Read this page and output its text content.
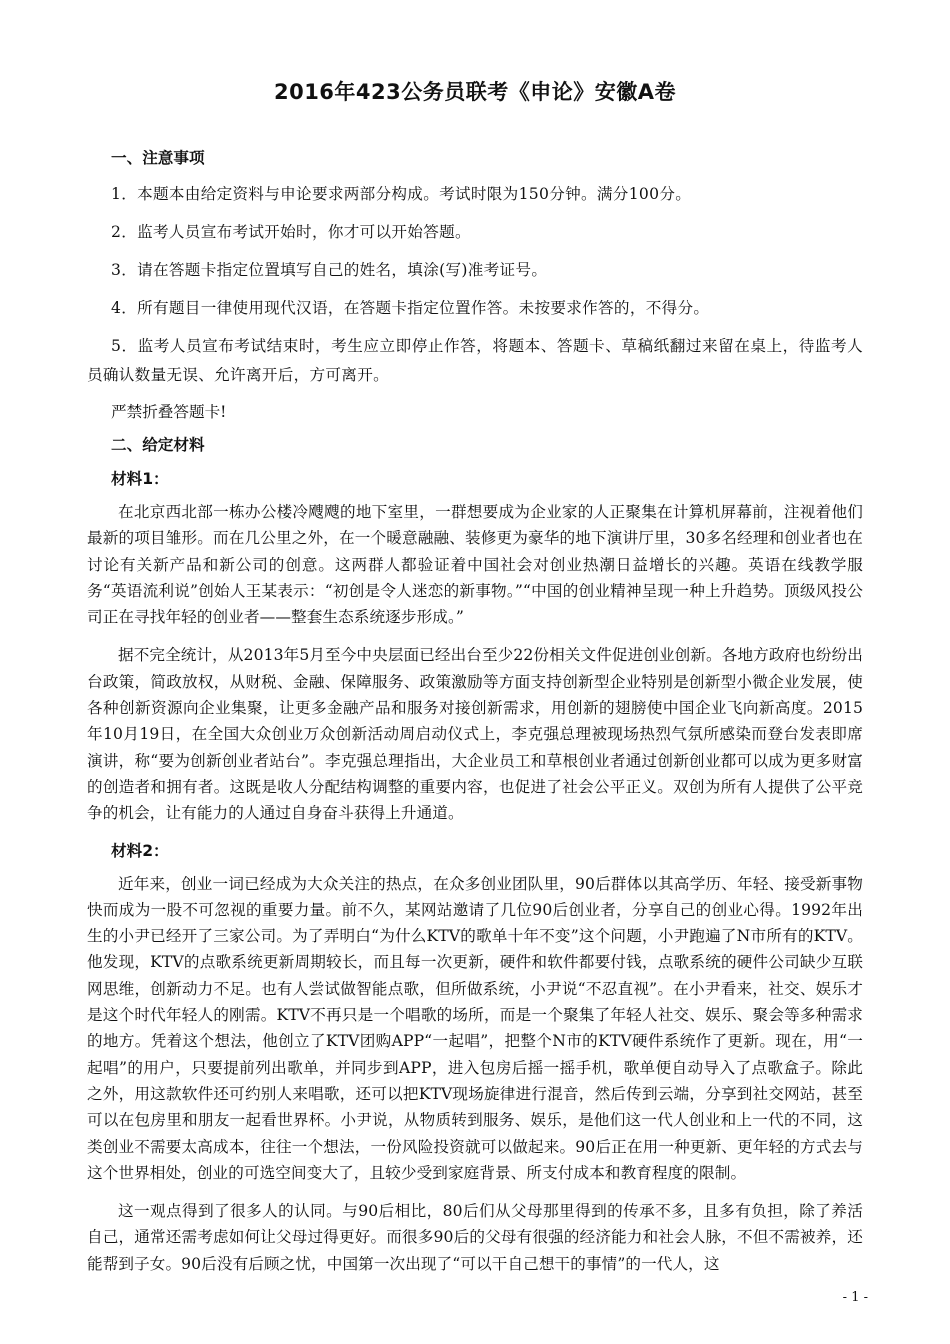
2016年423公务员联考《申论》安徽A卷
一、注意事项

1．本题本由给定资料与申论要求两部分构成。考试时限为150分钟。满分100分。

2．监考人员宣布考试开始时，你才可以开始答题。

3．请在答题卡指定位置填写自己的姓名，填涂(写)准考证号。

4．所有题目一律使用现代汉语，在答题卡指定位置作答。未按要求作答的，不得分。

5．监考人员宣布考试结束时，考生应立即停止作答，将题本、答题卡、草稿纸翻过来留在桌上，待监考人员确认数量无误、允许离开后，方可离开。

严禁折叠答题卡!
二、给定材料
材料1：

在北京西北部一栋办公楼冷飕飕的地下室里，一群想要成为企业家的人正聚集在计算机屏幕前，注视着他们最新的项目雏形。而在几公里之外，在一个暖意融融、装修更为豪华的地下演讲厅里，30多名经理和创业者也在讨论有关新产品和新公司的创意。这两群人都验证着中国社会对创业热潮日益增长的兴趣。英语在线教学服务“英语流利说”创始人王某表示：“初创是令人迷恋的新事物。”“中国的创业精神呈现一种上升趋势。顶级风投公司正在寻找年轻的创业者——整套生态系统逐步形成。”

据不完全统计，从2013年5月至今中央层面已经出台至少22份相关文件促进创业创新。各地方政府也纷纷出台政策，简政放权，从财税、金融、保障服务、政策激励等方面支持创新型企业特别是创新型小微企业发展，使各种创新资源向企业集聚，让更多金融产品和服务对接创新需求，用创新的翅膀使中国企业飞向新高度。2015年10月19日，在全国大众创业万众创新活动周启动仪式上，李克强总理被现场热烈气氛所感染而登台发表即席演讲，称“要为创新创业者站台”。李克强总理指出，大企业员工和草根创业者通过创新创业都可以成为更多财富的创造者和拥有者。这既是收人分配结构调整的重要内容，也促进了社会公平正义。双创为所有人提供了公平竞争的机会，让有能力的人通过自身奋斗获得上升通道。

材料2：

近年来，创业一词已经成为大众关注的热点，在众多创业团队里，90后群体以其高学历、年轻、接受新事物快而成为一股不可忽视的重要力量。前不久，某网站邀请了几位90后创业者，分享自己的创业心得。1992年出生的小尹已经开了三家公司。为了弄明白“为什么KTV的歌单十年不变”这个问题，小尹跑遍了N市所有的KTV。他发现，KTV的点歌系统更新周期较长，而且每一次更新，硬件和软件都要付钱，点歌系统的硬件公司缺少互联网思维，创新动力不足。也有人尝试做智能点歌，但所做系统，小尹说“不忍直视”。在小尹看来，社交、娱乐才是这个时代年轻人的刚需。KTV不再只是一个唱歌的场所，而是一个聚集了年轻人社交、娱乐、聚会等多种需求的地方。凭着这个想法，他创立了KTV团购APP“一起唱”，把整个N市的KTV硬件系统作了更新。现在，用“一起唱”的用户，只要提前列出歌单，并同步到APP，进入包房后摇一摇手机，歌单便自动导入了点歌盒子。除此之外，用这款软件还可约别人来唱歌，还可以把KTV现场旋律进行混音，然后传到云端，分享到社交网站，甚至可以在包房里和朋友一起看世界杯。小尹说，从物质转到服务、娱乐，是他们这一代人创业和上一代的不同，这类创业不需要太高成本，往往一个想法，一份风险投资就可以做起来。90后正在用一种更新、更年轻的方式去与这个世界相处，创业的可选空间变大了，且较少受到家庭背景、所支付成本和教育程度的限制。

这一观点得到了很多人的认同。与90后相比，80后们从父母那里得到的传承不多，且多有负担，除了养活自己，通常还需考虑如何让父母过得更好。而很多90后的父母有很强的经济能力和社会人脉，不但不需被养，还能帮到子女。90后没有后顾之忧，中国第一次出现了“可以干自己想干的事情”的一代人，这

- 1 -
